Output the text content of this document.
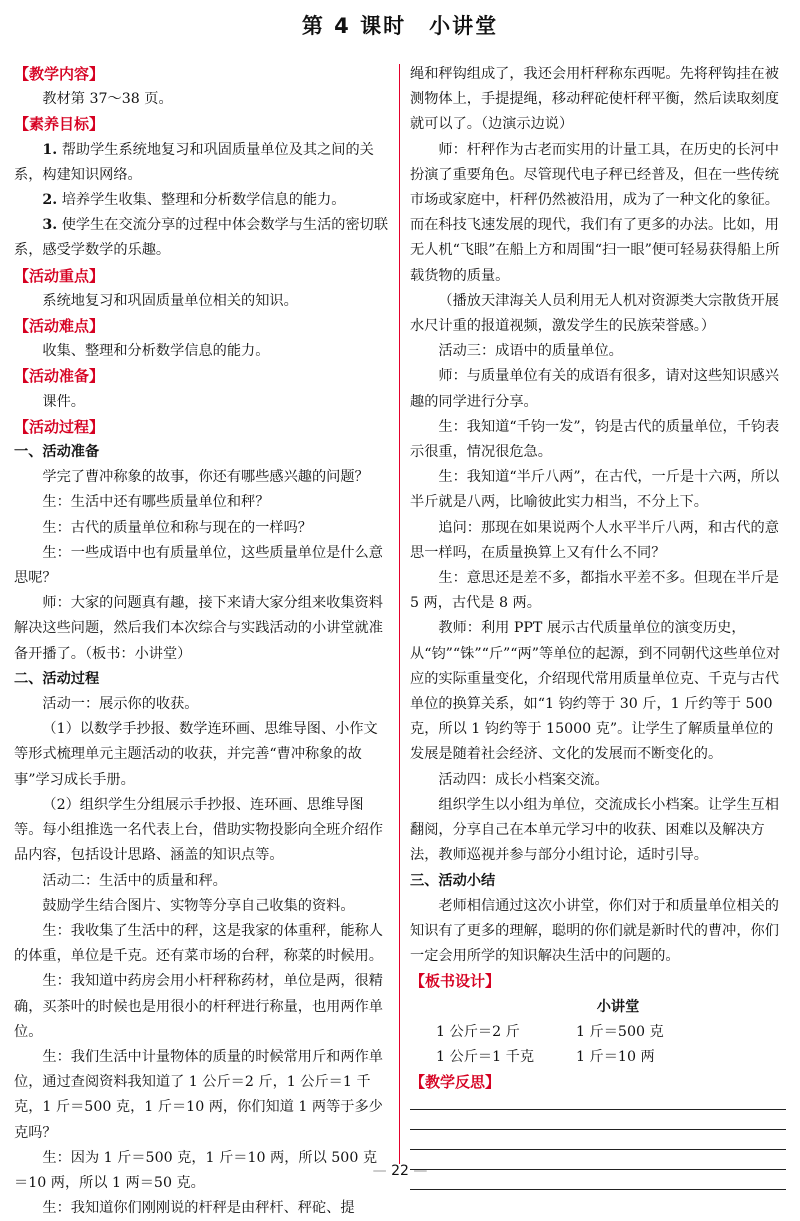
第 4 课时　小讲堂

【教学内容】

教材第 37～38 页。

【素养目标】

1. 帮助学生系统地复习和巩固质量单位及其之间的关系，构建知识网络。

2. 培养学生收集、整理和分析数学信息的能力。

3. 使学生在交流分享的过程中体会数学与生活的密切联系，感受学数学的乐趣。

【活动重点】

系统地复习和巩固质量单位相关的知识。

【活动难点】

收集、整理和分析数学信息的能力。

【活动准备】

课件。

【活动过程】

一、活动准备

学完了曹冲称象的故事，你还有哪些感兴趣的问题？

生：生活中还有哪些质量单位和秤？

生：古代的质量单位和称与现在的一样吗？

生：一些成语中也有质量单位，这些质量单位是什么意思呢？

师：大家的问题真有趣，接下来请大家分组来收集资料解决这些问题，然后我们本次综合与实践活动的小讲堂就准备开播了。（板书：小讲堂）

二、活动过程

活动一：展示你的收获。

（1）以数学手抄报、数学连环画、思维导图、小作文等形式梳理单元主题活动的收获，并完善“曹冲称象的故事”学习成长手册。

（2）组织学生分组展示手抄报、连环画、思维导图等。每小组推选一名代表上台，借助实物投影向全班介绍作品内容，包括设计思路、涵盖的知识点等。

活动二：生活中的质量和秤。

鼓励学生结合图片、实物等分享自己收集的资料。

生：我收集了生活中的秤，这是我家的体重秤，能称人的体重，单位是千克。还有菜市场的台秤，称菜的时候用。

生：我知道中药房会用小杆秤称药材，单位是两，很精确，买茶叶的时候也是用很小的杆秤进行称量，也用两作单位。

生：我们生活中计量物体的质量的时候常用斤和两作单位，通过查阅资料我知道了 1 公斤＝2 斤，1 公斤＝1 千克，1 斤＝500 克，1 斤＝10 两，你们知道 1 两等于多少克吗？

生：因为 1 斤＝500 克，1 斤＝10 两，所以 500 克＝10 两，所以 1 两＝50 克。

生：我知道你们刚刚说的杆秤是由秤杆、秤砣、提

绳和秤钩组成了，我还会用杆秤称东西呢。先将秤钩挂在被测物体上，手提提绳，移动秤砣使杆秤平衡，然后读取刻度就可以了。（边演示边说）

师：杆秤作为古老而实用的计量工具，在历史的长河中扮演了重要角色。尽管现代电子秤已经普及，但在一些传统市场或家庭中，杆秤仍然被沿用，成为了一种文化的象征。而在科技飞速发展的现代，我们有了更多的办法。比如，用无人机“飞眼”在船上方和周围“扫一眼”便可轻易获得船上所载货物的质量。

（播放天津海关人员利用无人机对资源类大宗散货开展水尺计重的报道视频，激发学生的民族荣誉感。）

活动三：成语中的质量单位。

师：与质量单位有关的成语有很多，请对这些知识感兴趣的同学进行分享。

生：我知道“千钧一发”，钧是古代的质量单位，千钧表示很重，情况很危急。

生：我知道“半斤八两”，在古代，一斤是十六两，所以半斤就是八两，比喻彼此实力相当，不分上下。

追问：那现在如果说两个人水平半斤八两，和古代的意思一样吗，在质量换算上又有什么不同？

生：意思还是差不多，都指水平差不多。但现在半斤是 5 两，古代是 8 两。

教师：利用 PPT 展示古代质量单位的演变历史，从“钧”“铢”“斤”“两”等单位的起源，到不同朝代这些单位对应的实际重量变化，介绍现代常用质量单位克、千克与古代单位的换算关系，如“1 钧约等于 30 斤，1 斤约等于 500 克，所以 1 钧约等于 15000 克”。让学生了解质量单位的发展是随着社会经济、文化的发展而不断变化的。

活动四：成长小档案交流。

组织学生以小组为单位，交流成长小档案。让学生互相翻阅，分享自己在本单元学习中的收获、困难以及解决方法，教师巡视并参与部分小组讨论，适时引导。

三、活动小结

老师相信通过这次小讲堂，你们对于和质量单位相关的知识有了更多的理解，聪明的你们就是新时代的曹冲，你们一定会用所学的知识解决生活中的问题的。

【板书设计】

小讲堂

1 公斤＝2 斤	1 斤＝500 克
1 公斤＝1 千克	1 斤＝10 两

【教学反思】

— 22 —
